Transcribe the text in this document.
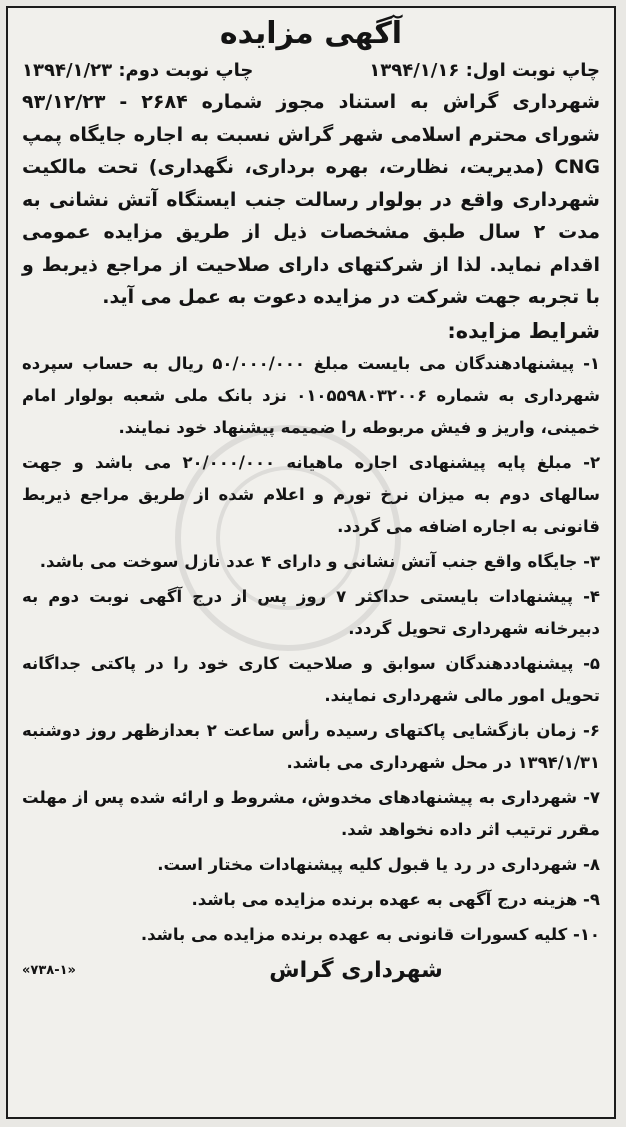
آگهی مزایده
چاپ نوبت اول: ۱۳۹۴/۱/۱۶
چاپ نوبت دوم: ۱۳۹۴/۱/۲۳

شهرداری گراش به استناد مجوز شماره ۲۶۸۴ - ۹۳/۱۲/۲۳ شورای محترم اسلامی شهر گراش نسبت به اجاره جایگاه پمپ CNG (مدیریت، نظارت، بهره برداری، نگهداری) تحت مالکیت شهرداری واقع در بولوار رسالت جنب ایستگاه آتش نشانی به مدت ۲ سال طبق مشخصات ذیل از طریق مزایده عمومی اقدام نماید. لذا از شرکتهای دارای صلاحیت از مراجع ذیربط و با تجربه جهت شرکت در مزایده دعوت به عمل می آید.

شرایط مزایده:

۱- پیشنهادهندگان می بایست مبلغ ۵۰/۰۰۰/۰۰۰ ریال به حساب سپرده شهرداری به شماره ۰۱۰۵۵۹۸۰۳۲۰۰۶ نزد بانک ملی شعبه بولوار امام خمینی، واریز و فیش مربوطه را ضمیمه پیشنهاد خود نمایند.

۲- مبلغ پایه پیشنهادی اجاره ماهیانه ۲۰/۰۰۰/۰۰۰ می باشد و جهت سالهای دوم به میزان نرخ تورم و اعلام شده از طریق مراجع ذیربط قانونی به اجاره اضافه می گردد.

۳- جایگاه واقع جنب آتش نشانی و دارای ۴ عدد نازل سوخت می باشد.

۴- پیشنهادات بایستی حداکثر ۷ روز پس از درج آگهی نوبت دوم به دبیرخانه شهرداری تحویل گردد.

۵- پیشنهاددهندگان سوابق و صلاحیت کاری خود را در پاکتی جداگانه تحویل امور مالی شهرداری نمایند.

۶- زمان بازگشایی پاکتهای رسیده رأس ساعت ۲ بعدازظهر روز دوشنبه ۱۳۹۴/۱/۳۱ در محل شهرداری می باشد.

۷- شهرداری به پیشنهادهای مخدوش، مشروط و ارائه شده پس از مهلت مقرر ترتیب اثر داده نخواهد شد.

۸- شهرداری در رد یا قبول کلیه پیشنهادات مختار است.

۹- هزینه درج آگهی به عهده برنده مزایده می باشد.

۱۰- کلیه کسورات قانونی به عهده برنده مزایده می باشد.

شهرداری گراش
«۷۳۸-۱»
